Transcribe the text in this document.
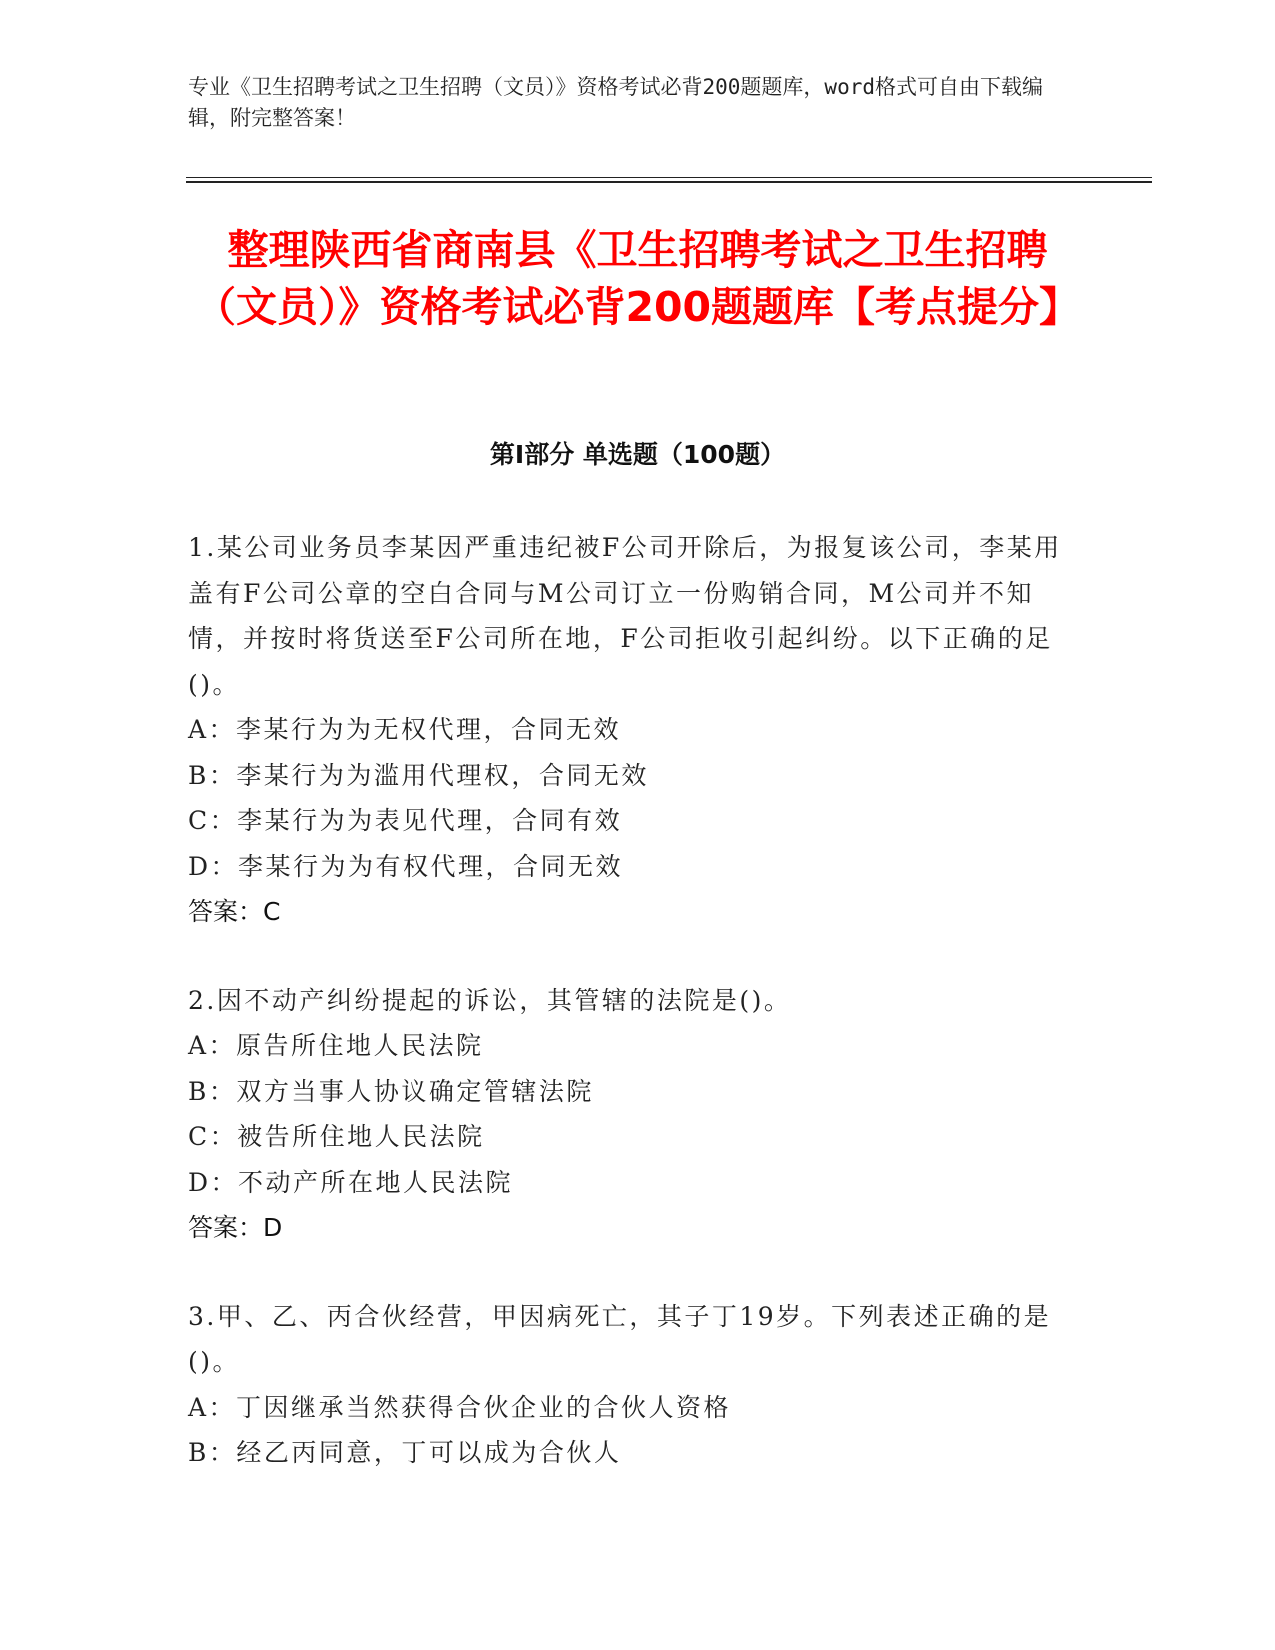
专业《卫生招聘考试之卫生招聘（文员）》资格考试必背200题题库，word格式可自由下载编辑，附完整答案！
整理陕西省商南县《卫生招聘考试之卫生招聘（文员）》资格考试必背200题题库【考点提分】
第Ⅰ部分 单选题（100题）

1.某公司业务员李某因严重违纪被F公司开除后，为报复该公司，李某用盖有F公司公章的空白合同与M公司订立一份购销合同，M公司并不知情，并按时将货送至F公司所在地，F公司拒收引起纠纷。以下正确的足()。

A：李某行为为无权代理，合同无效

B：李某行为为滥用代理权，合同无效

C：李某行为为表见代理，合同有效

D：李某行为为有权代理，合同无效

答案：C

2.因不动产纠纷提起的诉讼，其管辖的法院是()。

A：原告所住地人民法院

B：双方当事人协议确定管辖法院

C：被告所住地人民法院

D：不动产所在地人民法院

答案：D

3.甲、乙、丙合伙经营，甲因病死亡，其子丁19岁。下列表述正确的是()。

A：丁因继承当然获得合伙企业的合伙人资格

B：经乙丙同意，丁可以成为合伙人
